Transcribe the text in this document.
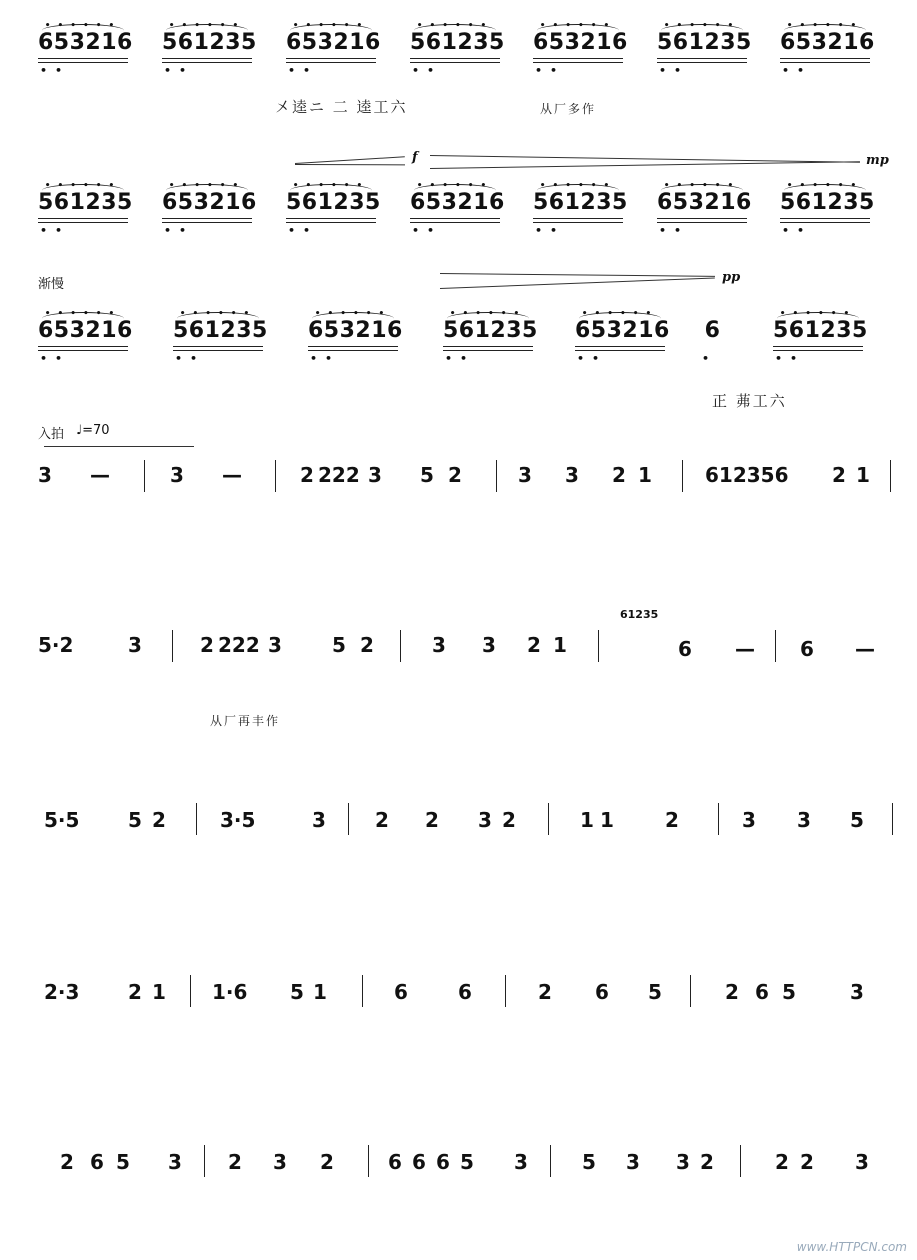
••••••
653216
••
••••••
561235
••
••••••
653216
••
••••••
561235
••
••••••
653216
••
••••••
561235
••
••••••
653216
••
㐅逵ニ 二 逵工六	从厂多作
f	mp
••••••
561235
••
••••••
653216
••
••••••
561235
••
••••••
653216
••
••••••
561235
••
••••••
653216
••
••••••
561235
••
渐慢	pp
••••••
653216
••
••••••
561235
••
••••••
653216
••
••••••
561235
••
••••••
653216
••
6
•
••••••
561235
••
正 茀工六
入拍 ♩=70
3 —	3 —	2 222 3 5 2	3 3 2 1	612356 2 1
5·2	3	2 222 3	5 2	3 3 2 1
61235
6 — 6 —
从厂再丰作
5·5 5 2	3·5	3 2 2 3 2	1 1	2	3 3 5
2·3 2 1 1·6 5 1	6	6	2 6 5	2 6 5	3
2 6 5 3 2 3 2	6 6 6 5 3	5 3 3 2	2 2 3
www.HTTPCN.com
